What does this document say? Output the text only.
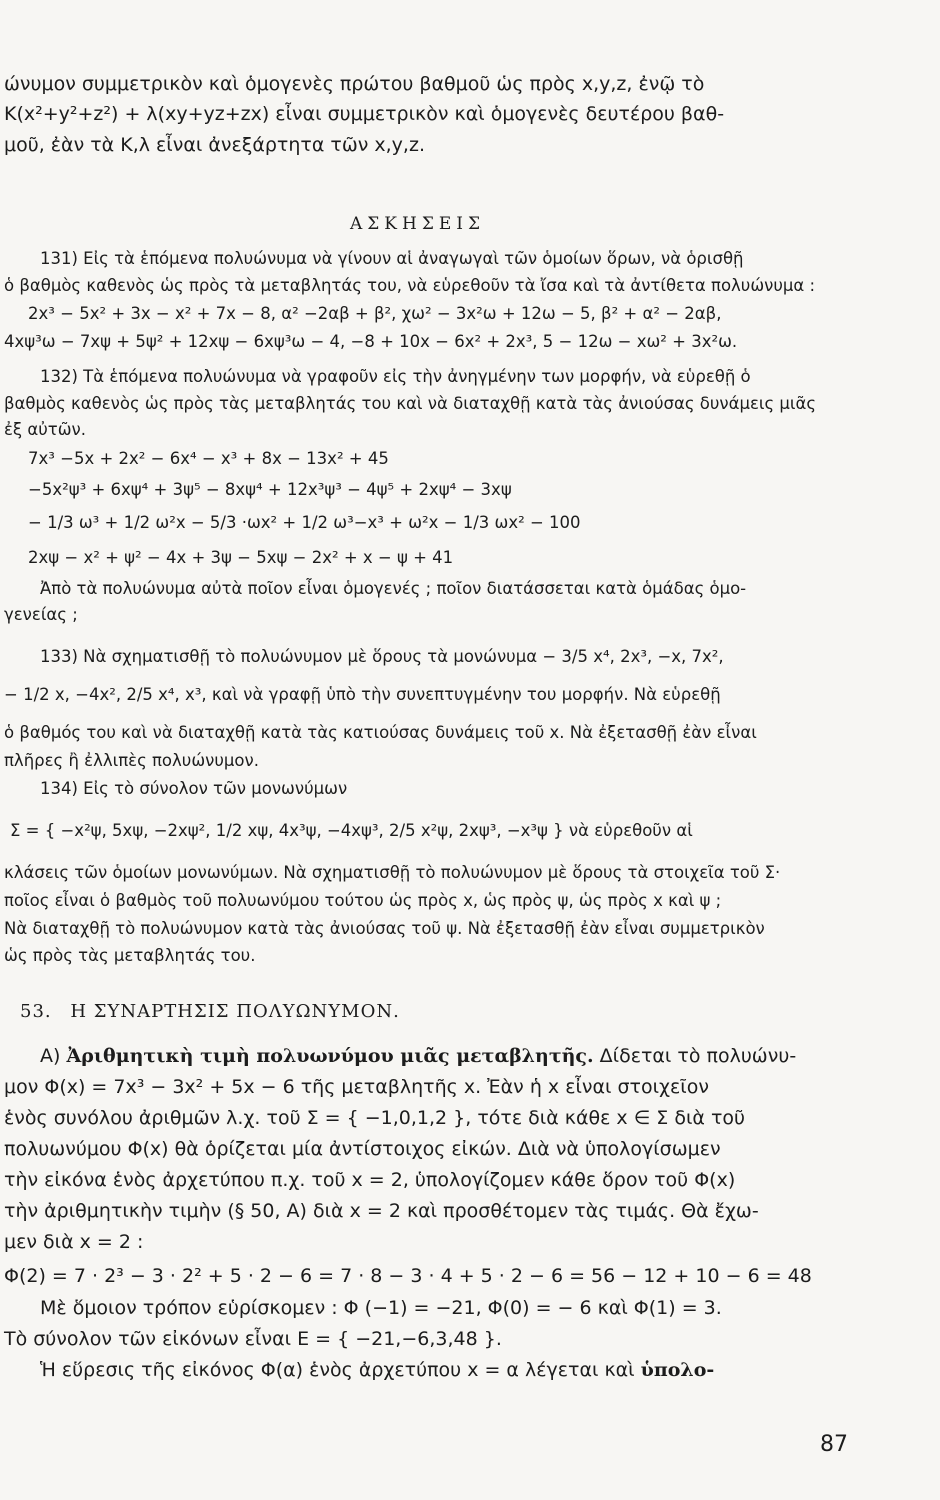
ώνυμον συμμετρικὸν καὶ ὁμογενὲς πρώτου βαθμοῦ ὡς πρὸς x,y,z, ἐνῷ τὸ
K(x²+y²+z²) + λ(xy+yz+zx) εἶναι συμμετρικὸν καὶ ὁμογενὲς δευτέρου βαθ-
μοῦ, ἐὰν τὰ K,λ εἶναι ἀνεξάρτητα τῶν x,y,z.
ΑΣΚΗΣΕΙΣ
131) Εἰς τὰ ἑπόμενα πολυώνυμα νὰ γίνουν αἱ ἀναγωγαὶ τῶν ὁμοίων ὅρων, νὰ ὁρισθῇ
ὁ βαθμὸς καθενὸς ὡς πρὸς τὰ μεταβλητάς του, νὰ εὑρεθοῦν τὰ ἴσα καὶ τὰ ἀντίθετα πολυώνυμα :
2x³ − 5x² + 3x − x² + 7x − 8, α² −2αβ + β², χω² − 3x²ω + 12ω − 5, β² + α² − 2αβ,
4xψ³ω − 7xψ + 5ψ² + 12xψ − 6xψ³ω − 4, −8 + 10x − 6x² + 2x³, 5 − 12ω − xω² + 3x²ω.
132) Τὰ ἑπόμενα πολυώνυμα νὰ γραφοῦν εἰς τὴν ἀνηγμένην των μορφήν, νὰ εὑρεθῇ ὁ
βαθμὸς καθενὸς ὡς πρὸς τὰς μεταβλητάς του καὶ νὰ διαταχθῇ κατὰ τὰς ἀνιούσας δυνάμεις μιᾶς
ἐξ αὐτῶν.
7x³ −5x + 2x² − 6x⁴ − x³ + 8x − 13x² + 45
−5x²ψ³ + 6xψ⁴ + 3ψ⁵ − 8xψ⁴ + 12x³ψ³ − 4ψ⁵ + 2xψ⁴ − 3xψ
− 1/3 ω³ + 1/2 ω²x − 5/3 ·ωx² + 1/2 ω³−x³ + ω²x − 1/3 ωx² − 100
2xψ − x² + ψ² − 4x + 3ψ − 5xψ − 2x² + x − ψ + 41
Ἀπὸ τὰ πολυώνυμα αὐτὰ ποῖον εἶναι ὁμογενές ; ποῖον διατάσσεται κατὰ ὁμάδας ὁμο-
γενείας ;
133) Νὰ σχηματισθῇ τὸ πολυώνυμον μὲ ὅρους τὰ μονώνυμα − 3/5 x⁴, 2x³, −x, 7x²,
− 1/2 x, −4x², 2/5 x⁴, x³, καὶ νὰ γραφῇ ὑπὸ τὴν συνεπτυγμένην του μορφήν. Νὰ εὑρεθῇ
ὁ βαθμός του καὶ νὰ διαταχθῇ κατὰ τὰς κατιούσας δυνάμεις τοῦ x. Νὰ ἐξετασθῇ ἐὰν εἶναι
πλῆρες ἢ ἐλλιπὲς πολυώνυμον.
134) Εἰς τὸ σύνολον τῶν μονωνύμων
Σ = { −x²ψ, 5xψ, −2xψ², 1/2 xψ, 4x³ψ, −4xψ³, 2/5 x²ψ, 2xψ³, −x³ψ } νὰ εὑρεθοῦν αἱ
κλάσεις τῶν ὁμοίων μονωνύμων. Νὰ σχηματισθῇ τὸ πολυώνυμον μὲ ὅρους τὰ στοιχεῖα τοῦ Σ·
ποῖος εἶναι ὁ βαθμὸς τοῦ πολυωνύμου τούτου ὡς πρὸς x, ὡς πρὸς ψ, ὡς πρὸς x καὶ ψ ;
Νὰ διαταχθῇ τὸ πολυώνυμον κατὰ τὰς ἀνιούσας τοῦ ψ. Νὰ ἐξετασθῇ ἐὰν εἶναι συμμετρικὸν
ὡς πρὸς τὰς μεταβλητάς του.
53. Η ΣΥΝΑΡΤΗΣΙΣ ΠΟΛΥΩΝΥΜΟΝ.
A) Ἀριθμητικὴ τιμὴ πολυωνύμου μιᾶς μεταβλητῆς. Δίδεται τὸ πολυώνυ-
μον Φ(x) = 7x³ − 3x² + 5x − 6 τῆς μεταβλητῆς x. Ἐὰν ἡ x εἶναι στοιχεῖον
ἑνὸς συνόλου ἀριθμῶν λ.χ. τοῦ Σ = { −1,0,1,2 }, τότε διὰ κάθε x ∈ Σ διὰ τοῦ
πολυωνύμου Φ(x) θὰ ὁρίζεται μία ἀντίστοιχος εἰκών. Διὰ νὰ ὑπολογίσωμεν
τὴν εἰκόνα ἑνὸς ἀρχετύπου π.χ. τοῦ x = 2, ὑπολογίζομεν κάθε ὅρον τοῦ Φ(x)
τὴν ἀριθμητικὴν τιμὴν (§ 50, A) διὰ x = 2 καὶ προσθέτομεν τὰς τιμάς. Θὰ ἔχω-
μεν διὰ x = 2 :
Φ(2) = 7 · 2³ − 3 · 2² + 5 · 2 − 6 = 7 · 8 − 3 · 4 + 5 · 2 − 6 = 56 − 12 + 10 − 6 = 48
Μὲ ὅμοιον τρόπον εὑρίσκομεν : Φ (−1) = −21, Φ(0) = − 6 καὶ Φ(1) = 3.
Τὸ σύνολον τῶν εἰκόνων εἶναι E = { −21,−6,3,48 }.
Ἡ εὕρεσις τῆς εἰκόνος Φ(α) ἑνὸς ἀρχετύπου x = α λέγεται καὶ ὑπολο-
87
